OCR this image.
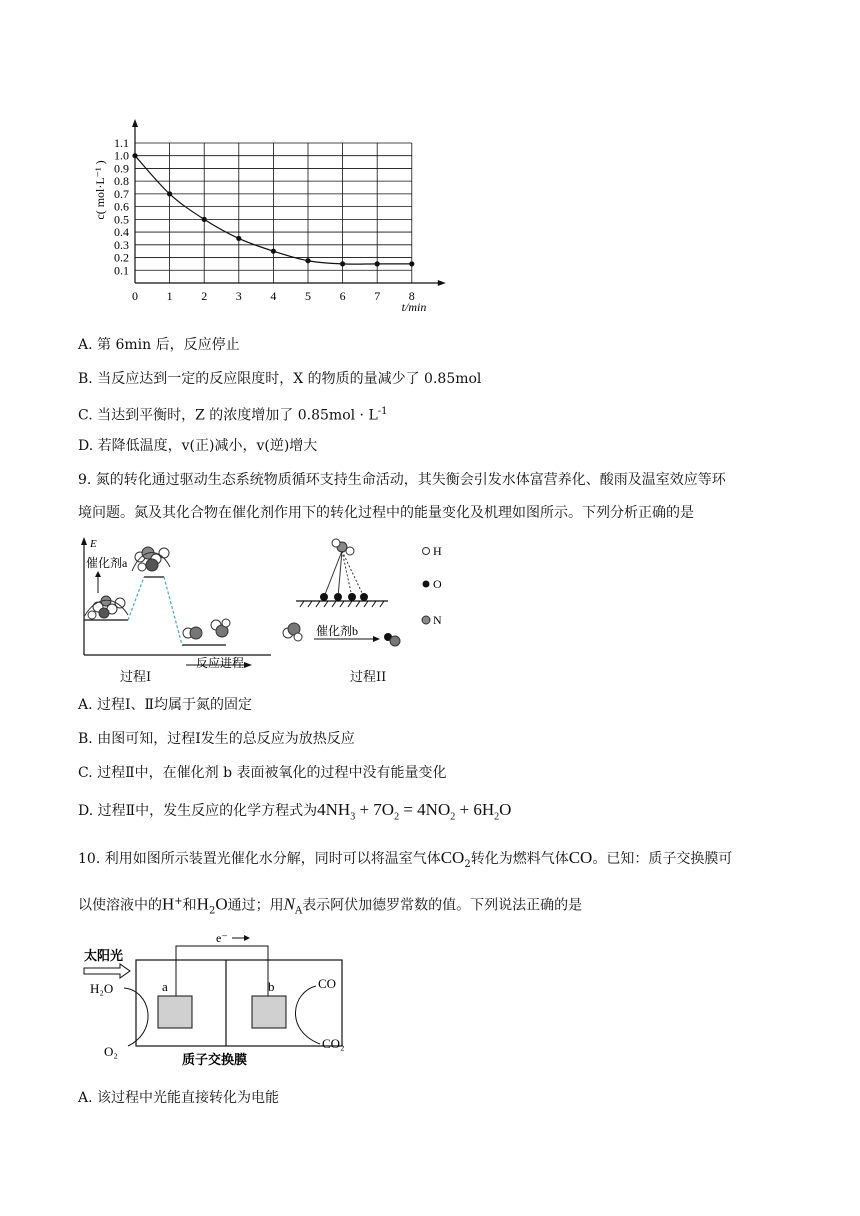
0 1 2 3 4 5 6 7 8
0.1
0.2
0.3
0.4
0.5
0.6
0.7
0.8
0.9
1.0
1.1
c( mol·L⁻¹ )
t/min
A. 第 6min 后，反应停止
B. 当反应达到一定的反应限度时，X 的物质的量减少了 0.85mol
C. 当达到平衡时，Z 的浓度增加了 $0.85mol \cdot L^{-1}$
D. 若降低温度，v(正)减小，v(逆)增大
9. 氮的转化通过驱动生态系统物质循环支持生命活动，其失衡会引发水体富营养化、酸雨及温室效应等环
境问题。氮及其化合物在催化剂作用下的转化过程中的能量变化及机理如图所示。下列分析正确的是
E
催化剂a
反应进程
过程I
催化剂b
H
O
N
过程II
A. 过程Ⅰ、Ⅱ均属于氮的固定
B. 由图可知，过程Ⅰ发生的总反应为放热反应
C. 过程Ⅱ中，在催化剂 b 表面被氧化的过程中没有能量变化
D. 过程Ⅱ中，发生反应的化学方程式为$4NH_3 + 7O_2 = 4NO_2 + 6H_2O$
10. 利用如图所示装置光催化水分解，同时可以将温室气体$CO_2$转化为燃料气体CO。已知：质子交换膜可
以使溶液中的H+和$H_2O$通过；用$N_A$表示阿伏加德罗常数的值。下列说法正确的是
太阳光
e⁻
a	b
H₂O
O₂
CO
CO₂
质子交换膜
A. 该过程中光能直接转化为电能
